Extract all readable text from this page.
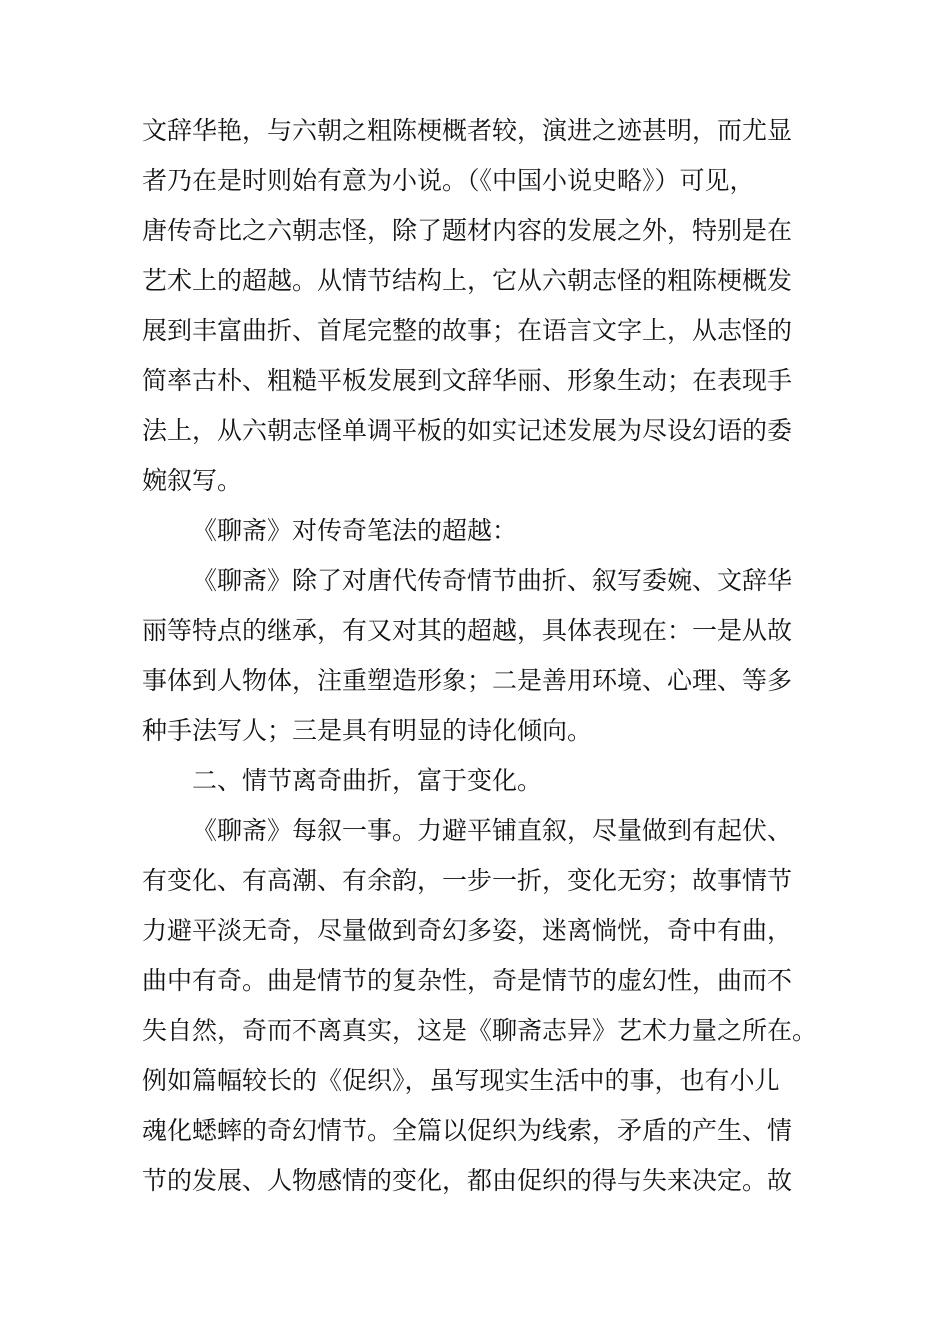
文辞华艳，与六朝之粗陈梗概者较，演进之迹甚明，而尤显
者乃在是时则始有意为小说。（《中国小说史略》）可见，
唐传奇比之六朝志怪，除了题材内容的发展之外，特别是在
艺术上的超越。从情节结构上，它从六朝志怪的粗陈梗概发
展到丰富曲折、首尾完整的故事；在语言文字上，从志怪的
简率古朴、粗糙平板发展到文辞华丽、形象生动；在表现手
法上，从六朝志怪单调平板的如实记述发展为尽设幻语的委
婉叙写。
《聊斋》对传奇笔法的超越：
《聊斋》除了对唐代传奇情节曲折、叙写委婉、文辞华
丽等特点的继承，有又对其的超越，具体表现在：一是从故
事体到人物体，注重塑造形象；二是善用环境、心理、等多
种手法写人；三是具有明显的诗化倾向。
二、情节离奇曲折，富于变化。
《聊斋》每叙一事。力避平铺直叙，尽量做到有起伏、
有变化、有高潮、有余韵，一步一折，变化无穷；故事情节
力避平淡无奇，尽量做到奇幻多姿，迷离惝恍，奇中有曲，
曲中有奇。曲是情节的复杂性，奇是情节的虚幻性，曲而不
失自然，奇而不离真实，这是《聊斋志异》艺术力量之所在。
例如篇幅较长的《促织》，虽写现实生活中的事，也有小儿
魂化蟋蟀的奇幻情节。全篇以促织为线索，矛盾的产生、情
节的发展、人物感情的变化，都由促织的得与失来决定。故
